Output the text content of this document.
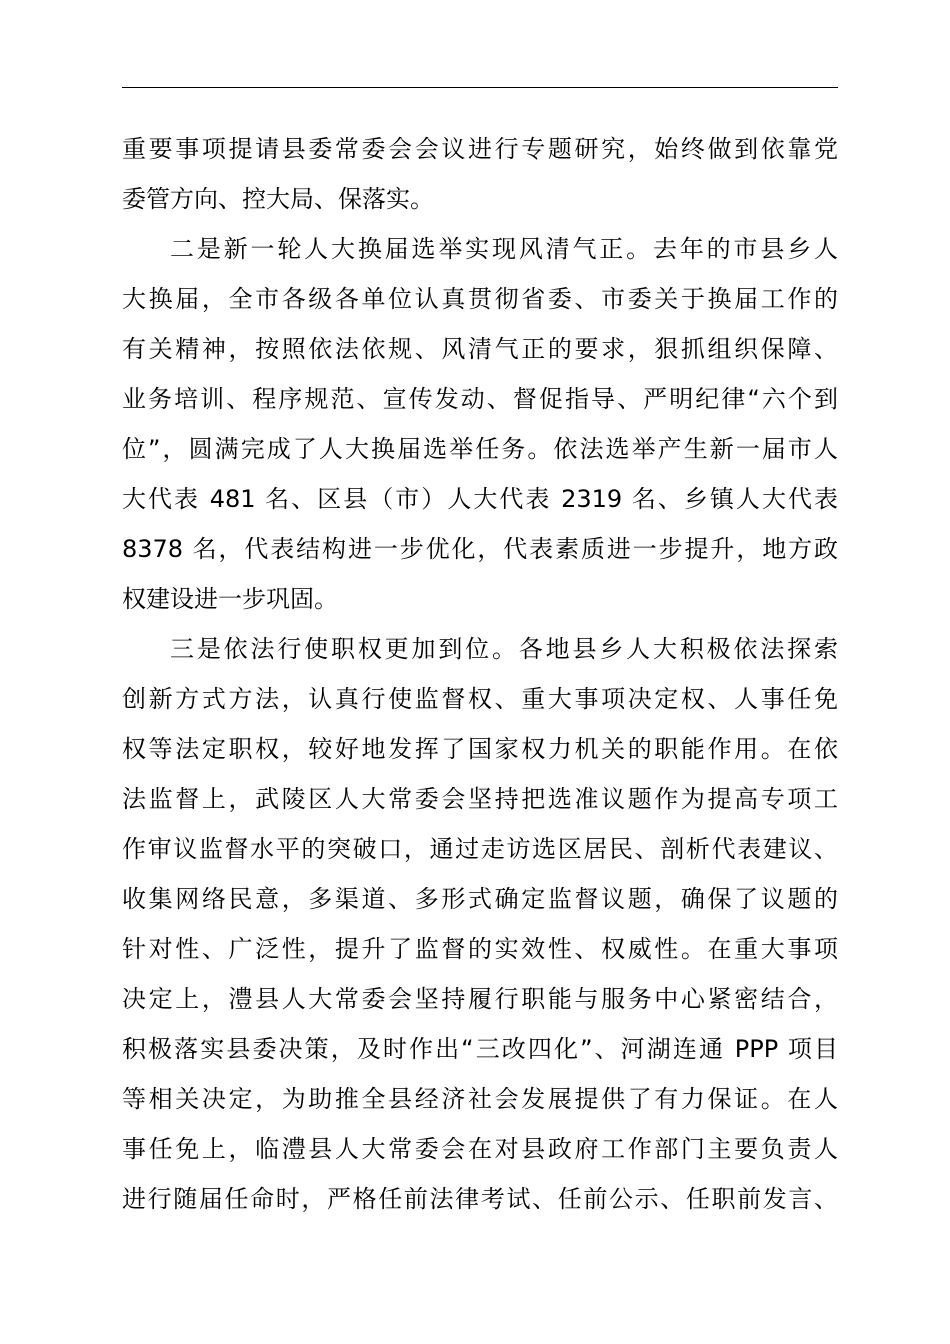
重要事项提请县委常委会会议进行专题研究，始终做到依靠党
委管方向、控大局、保落实。
二是新一轮人大换届选举实现风清气正。去年的市县乡人
大换届，全市各级各单位认真贯彻省委、市委关于换届工作的
有关精神，按照依法依规、风清气正的要求，狠抓组织保障、
业务培训、程序规范、宣传发动、督促指导、严明纪律“六个到
位”，圆满完成了人大换届选举任务。依法选举产生新一届市人
大代表 481 名、区县（市）人大代表 2319 名、乡镇人大代表
8378 名，代表结构进一步优化，代表素质进一步提升，地方政
权建设进一步巩固。
三是依法行使职权更加到位。各地县乡人大积极依法探索
创新方式方法，认真行使监督权、重大事项决定权、人事任免
权等法定职权，较好地发挥了国家权力机关的职能作用。在依
法监督上，武陵区人大常委会坚持把选准议题作为提高专项工
作审议监督水平的突破口，通过走访选区居民、剖析代表建议、
收集网络民意，多渠道、多形式确定监督议题，确保了议题的
针对性、广泛性，提升了监督的实效性、权威性。在重大事项
决定上，澧县人大常委会坚持履行职能与服务中心紧密结合，
积极落实县委决策，及时作出“三改四化”、河湖连通 PPP 项目
等相关决定，为助推全县经济社会发展提供了有力保证。在人
事任免上，临澧县人大常委会在对县政府工作部门主要负责人
进行随届任命时，严格任前法律考试、任前公示、任职前发言、
